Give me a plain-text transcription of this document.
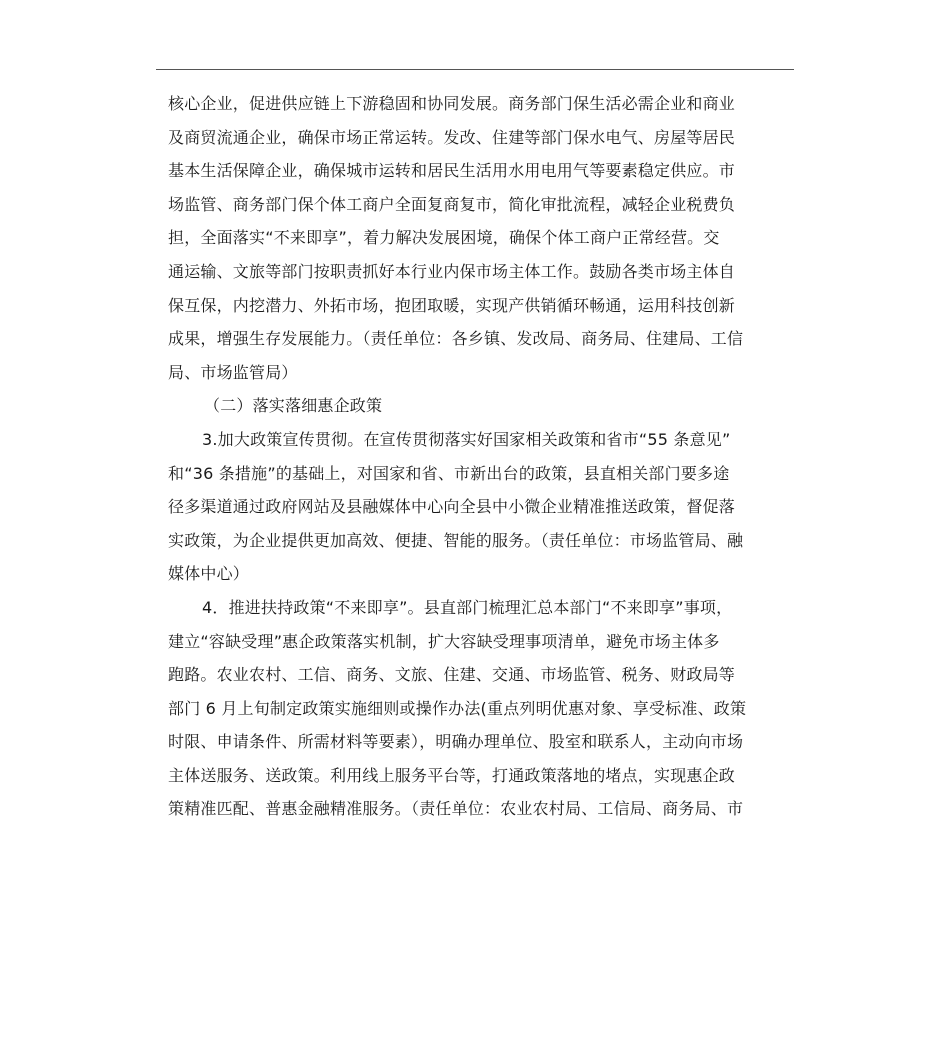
核心企业，促进供应链上下游稳固和协同发展。商务部门保生活必需企业和商业
及商贸流通企业，确保市场正常运转。发改、住建等部门保水电气、房屋等居民
基本生活保障企业，确保城市运转和居民生活用水用电用气等要素稳定供应。市
场监管、商务部门保个体工商户全面复商复市，简化审批流程，减轻企业税费负
担，全面落实“不来即享”，着力解决发展困境，确保个体工商户正常经营。交
通运输、文旅等部门按职责抓好本行业内保市场主体工作。鼓励各类市场主体自
保互保，内挖潜力、外拓市场，抱团取暖，实现产供销循环畅通，运用科技创新
成果，增强生存发展能力。（责任单位：各乡镇、发改局、商务局、住建局、工信
局、市场监管局）
（二）落实落细惠企政策
3.加大政策宣传贯彻。在宣传贯彻落实好国家相关政策和省市“55 条意见”
和“36 条措施”的基础上，对国家和省、市新出台的政策，县直相关部门要多途
径多渠道通过政府网站及县融媒体中心向全县中小微企业精准推送政策，督促落
实政策，为企业提供更加高效、便捷、智能的服务。（责任单位：市场监管局、融
媒体中心）
4．推进扶持政策“不来即享”。县直部门梳理汇总本部门“不来即享”事项，
建立“容缺受理”惠企政策落实机制，扩大容缺受理事项清单，避免市场主体多
跑路。农业农村、工信、商务、文旅、住建、交通、市场监管、税务、财政局等
部门 6 月上旬制定政策实施细则或操作办法(重点列明优惠对象、享受标准、政策
时限、申请条件、所需材料等要素），明确办理单位、股室和联系人，主动向市场
主体送服务、送政策。利用线上服务平台等，打通政策落地的堵点，实现惠企政
策精准匹配、普惠金融精准服务。（责任单位：农业农村局、工信局、商务局、市
